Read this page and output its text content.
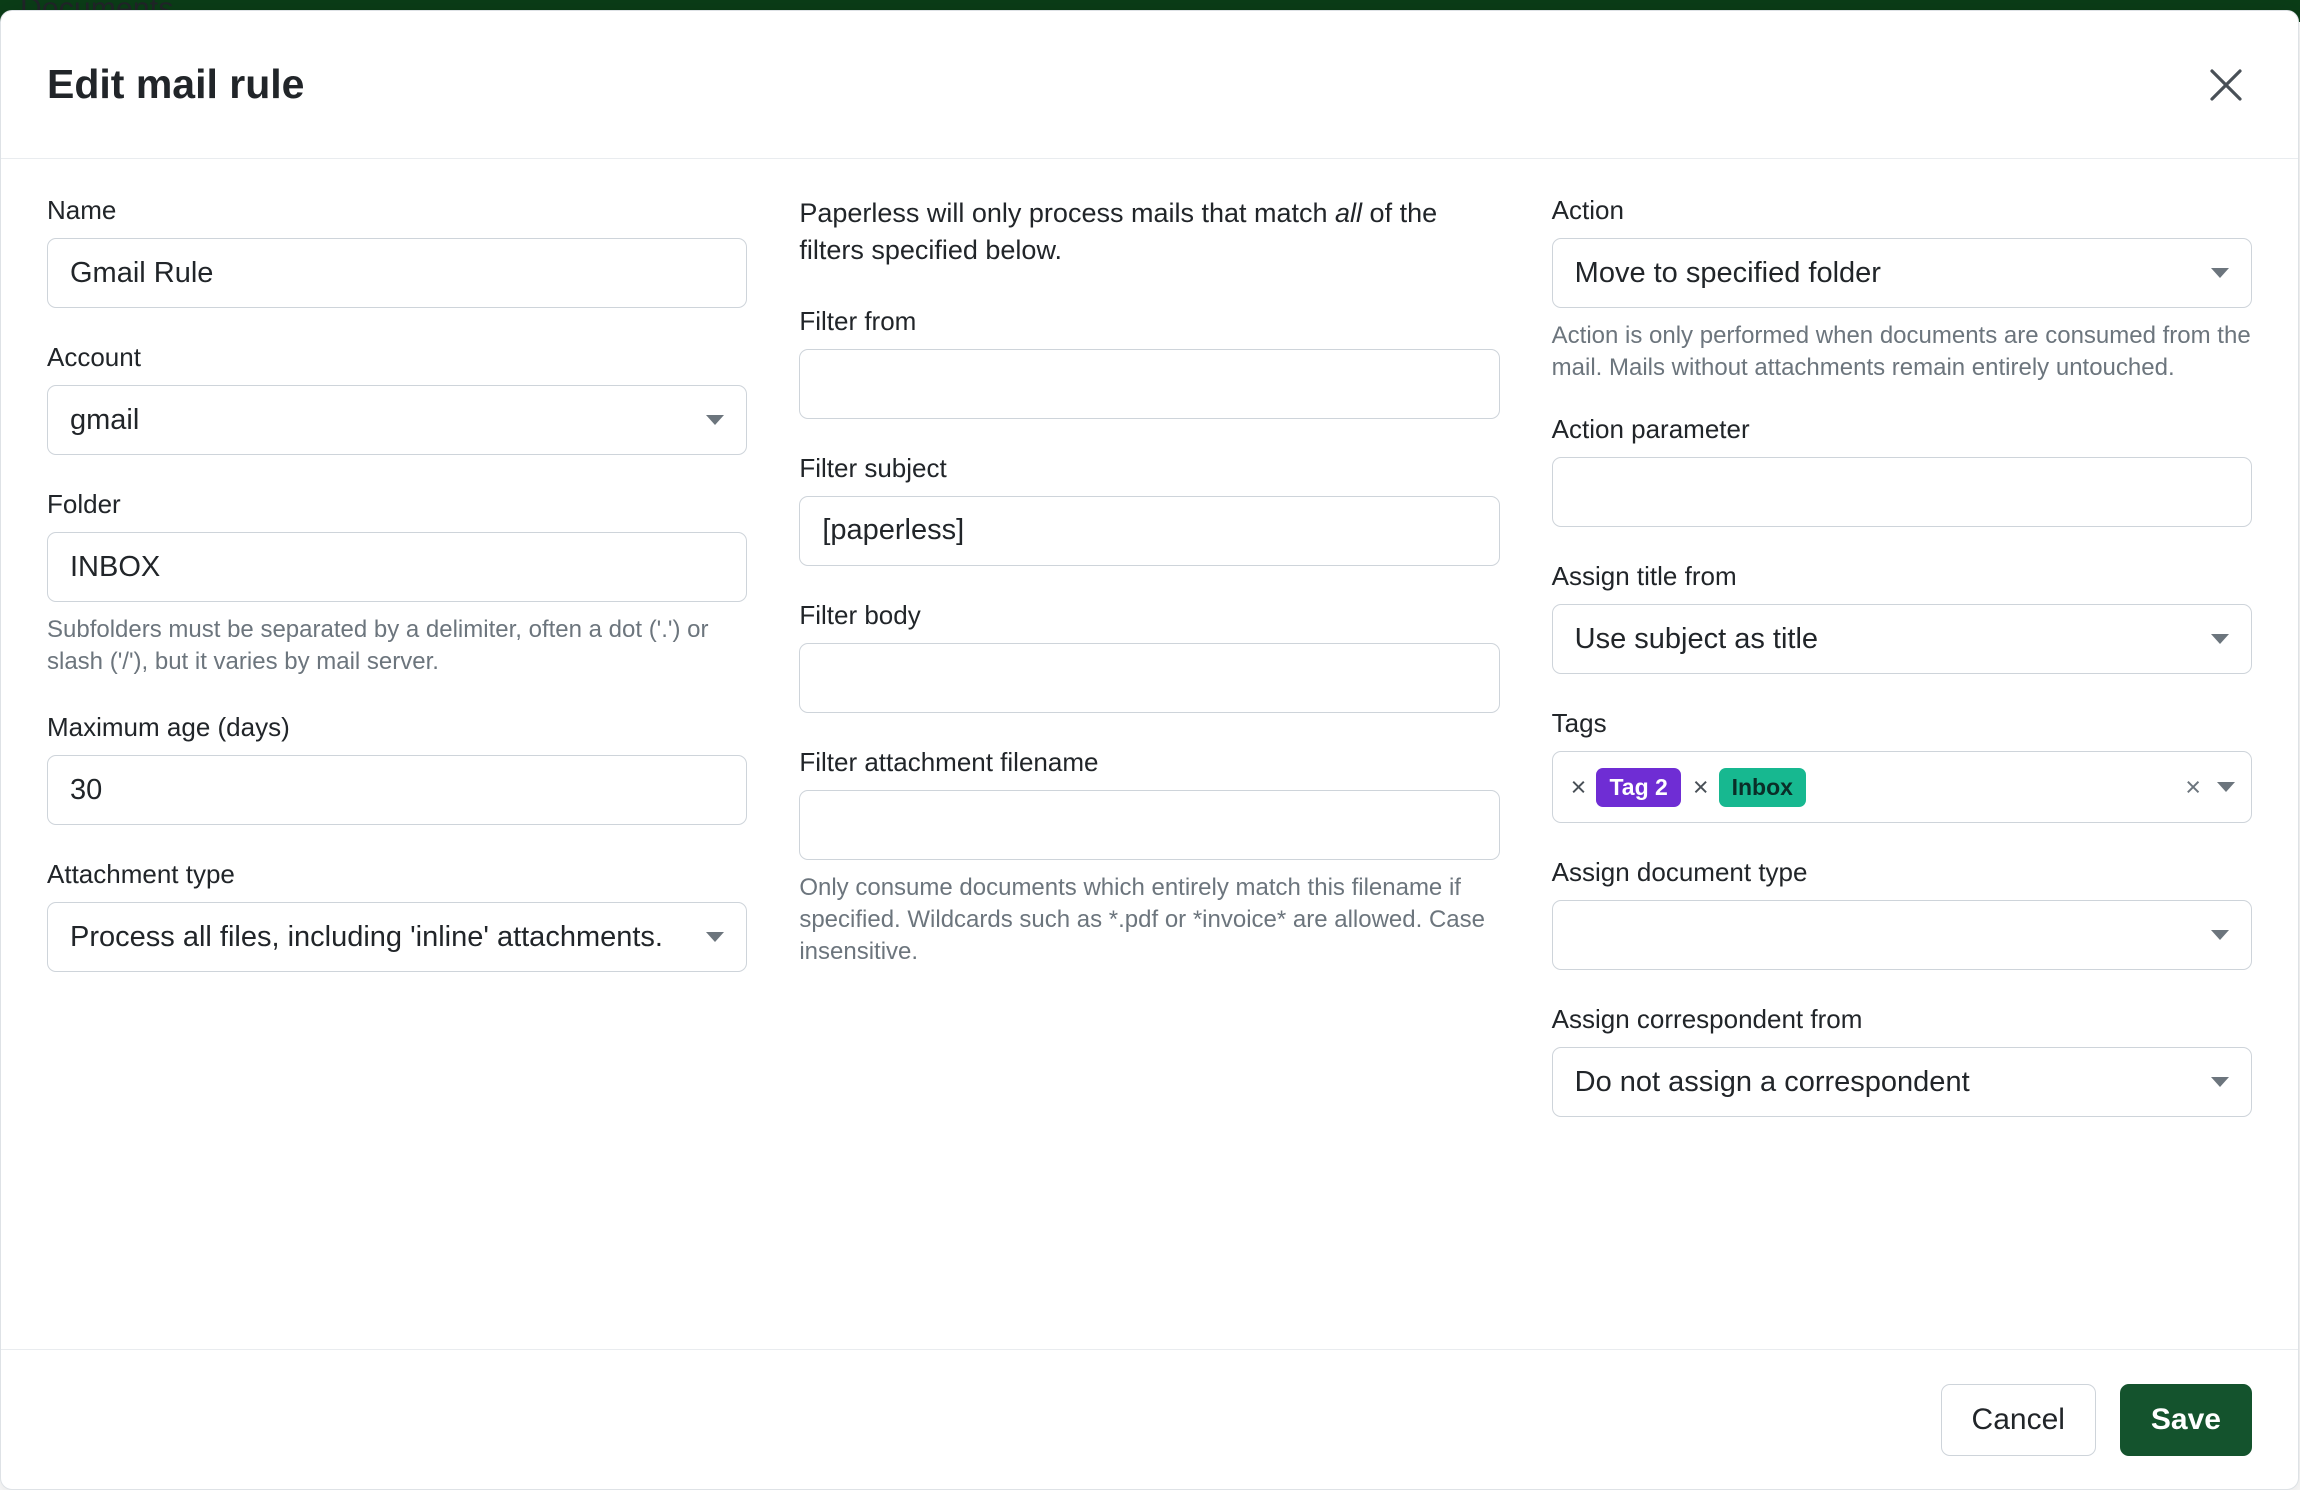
Edit mail rule
Name
Gmail Rule
Account
gmail
Folder
INBOX
Subfolders must be separated by a delimiter, often a dot ('.') or slash ('/'), but it varies by mail server.
Maximum age (days)
30
Attachment type
Process all files, including 'inline' attachments.
Paperless will only process mails that match all of the filters specified below.
Filter from
Filter subject
[paperless]
Filter body
Filter attachment filename
Only consume documents which entirely match this filename if specified. Wildcards such as *.pdf or *invoice* are allowed. Case insensitive.
Action
Move to specified folder
Action is only performed when documents are consumed from the mail. Mails without attachments remain entirely untouched.
Action parameter
Assign title from
Use subject as title
Tags
×	Tag 2 ×	Inbox	×
Assign document type
Assign correspondent from
Do not assign a correspondent
Cancel	Save
